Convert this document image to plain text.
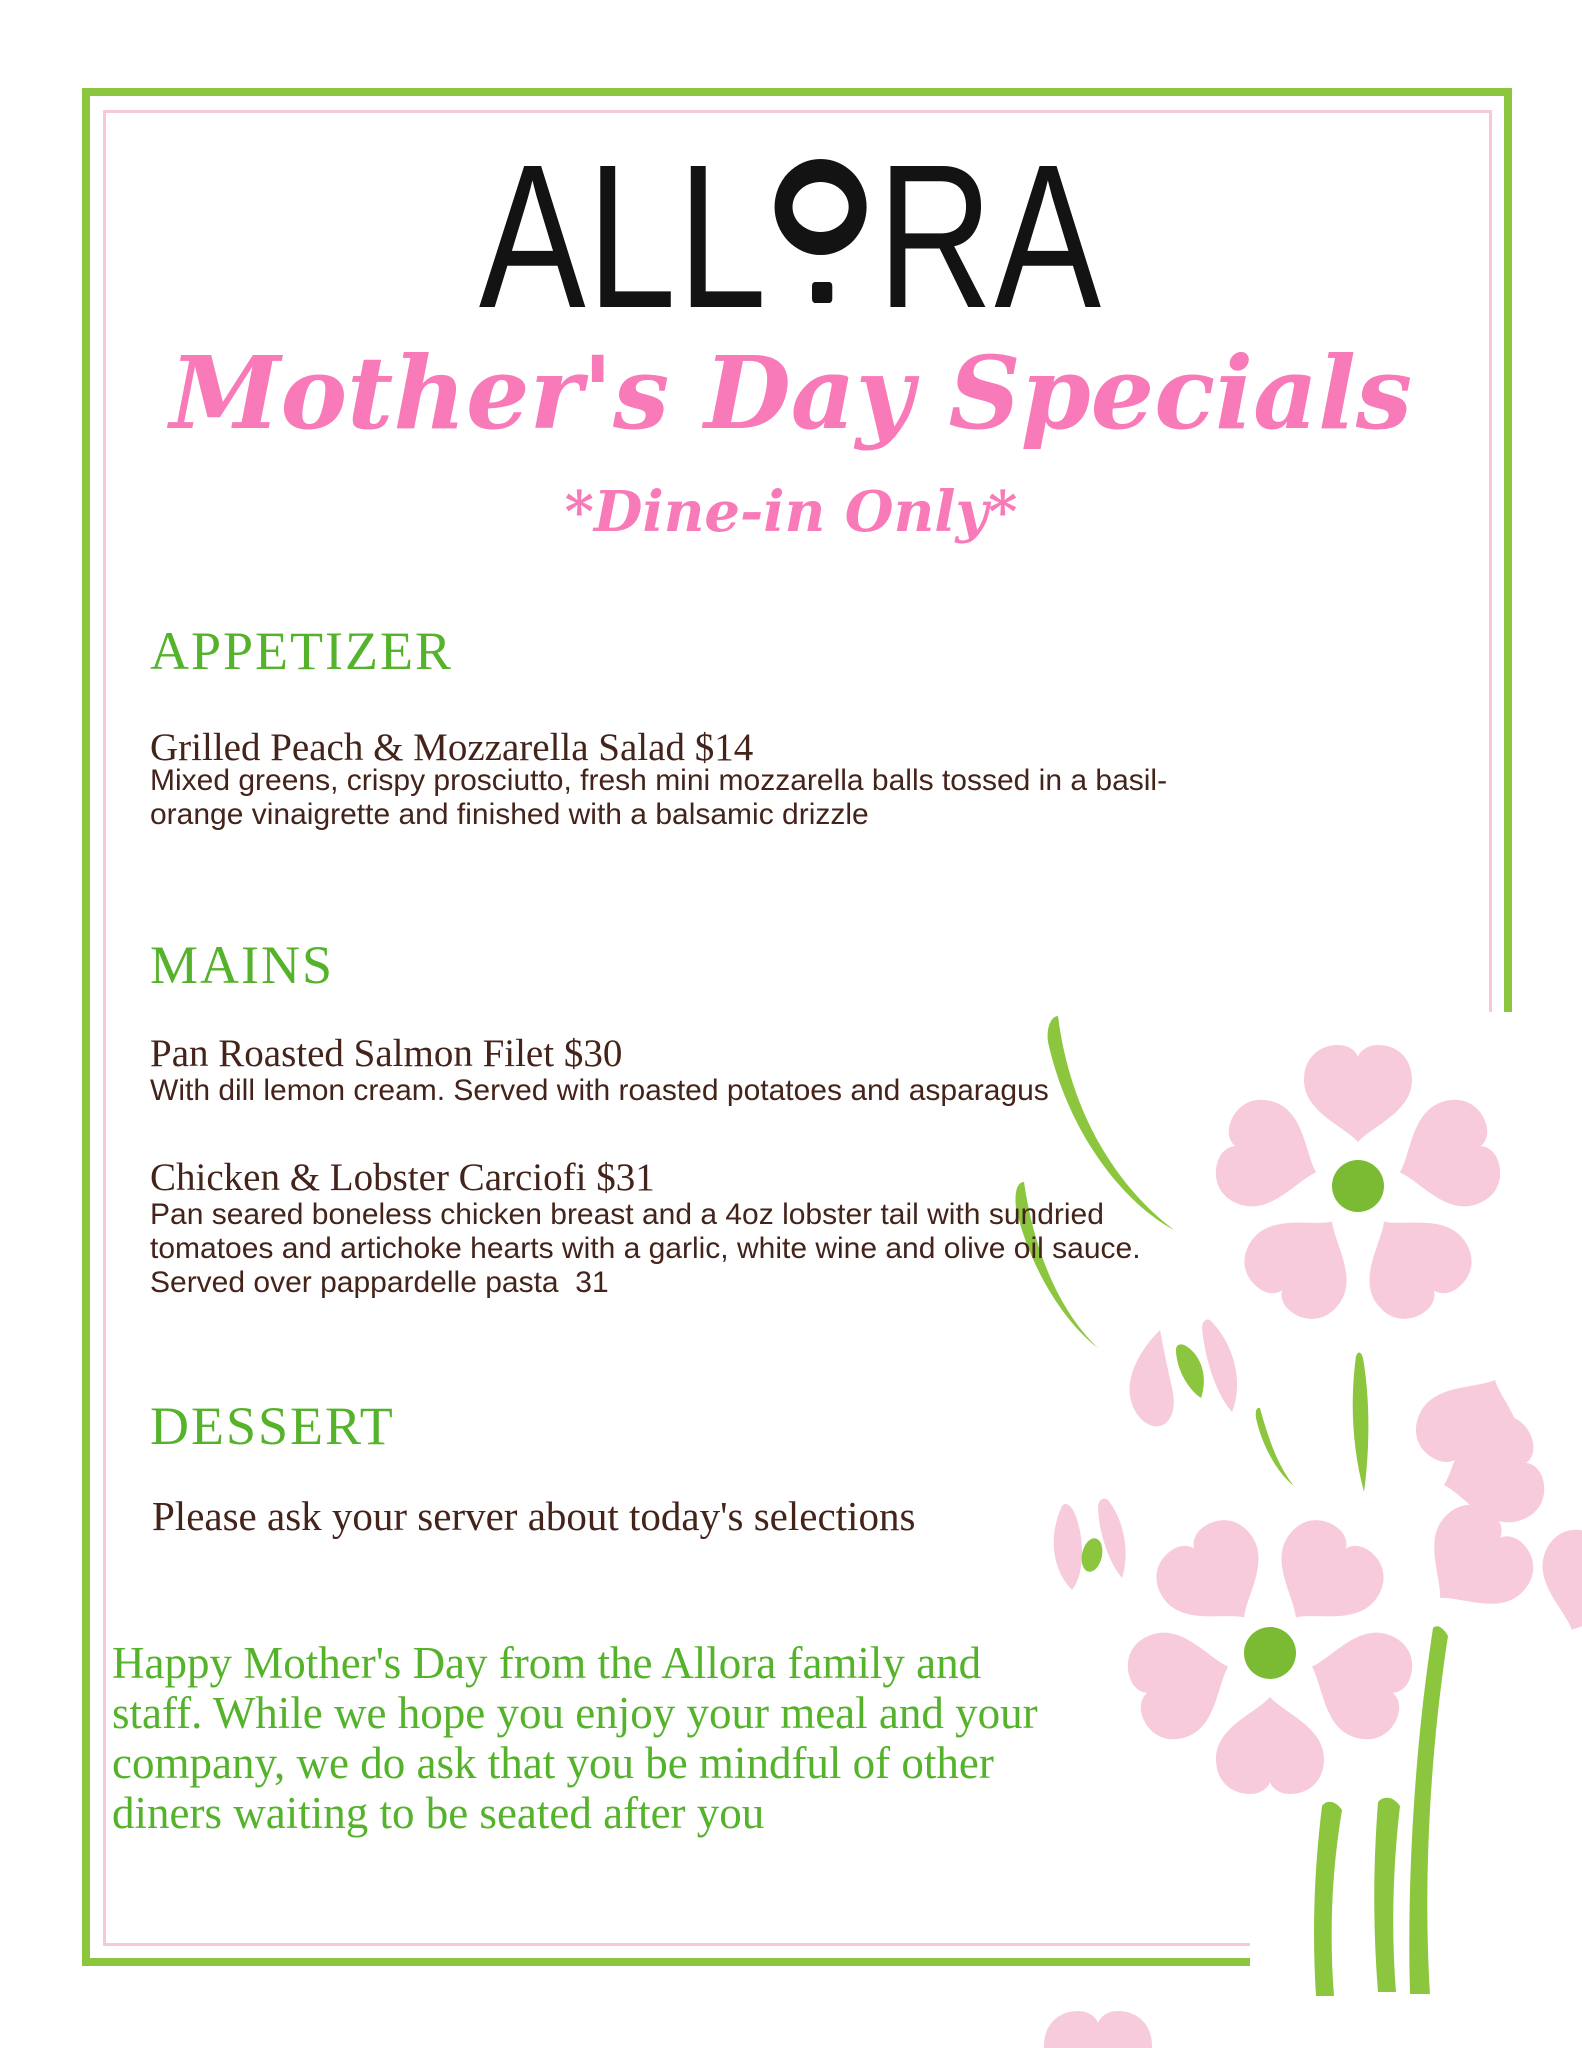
ALL RA
Mother's Day Specials
*Dine-in Only*
APPETIZER
Grilled Peach & Mozzarella Salad $14
Mixed greens, crispy prosciutto, fresh mini mozzarella balls tossed in a basil-
orange vinaigrette and finished with a balsamic drizzle
MAINS
Pan Roasted Salmon Filet $30
With dill lemon cream. Served with roasted potatoes and asparagus
Chicken & Lobster Carciofi $31
Pan seared boneless chicken breast and a 4oz lobster tail with sundried
tomatoes and artichoke hearts with a garlic, white wine and olive oil sauce.
Served over pappardelle pasta  31
DESSERT
Please ask your server about today's selections
Happy Mother's Day from the Allora family and
staff. While we hope you enjoy your meal and your
company, we do ask that you be mindful of other
diners waiting to be seated after you
